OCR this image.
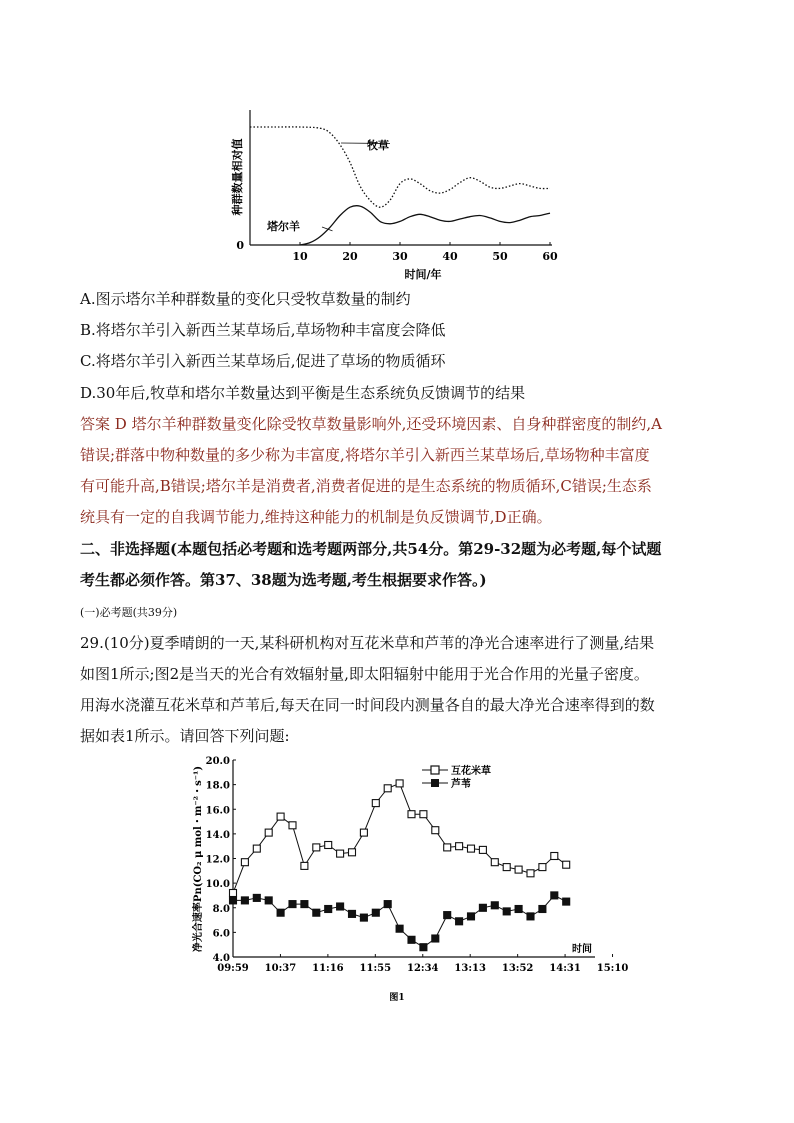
0
10	20	30	40	50	60
种群数量相对值
时间/年
牧草
塔尔羊
A.图示塔尔羊种群数量的变化只受牧草数量的制约
B.将塔尔羊引入新西兰某草场后,草场物种丰富度会降低
C.将塔尔羊引入新西兰某草场后,促进了草场的物质循环
D.30年后,牧草和塔尔羊数量达到平衡是生态系统负反馈调节的结果
答案 D 塔尔羊种群数量变化除受牧草数量影响外,还受环境因素、自身种群密度的制约,A
错误;群落中物种数量的多少称为丰富度,将塔尔羊引入新西兰某草场后,草场物种丰富度
有可能升高,B错误;塔尔羊是消费者,消费者促进的是生态系统的物质循环,C错误;生态系
统具有一定的自我调节能力,维持这种能力的机制是负反馈调节,D正确。
二、非选择题(本题包括必考题和选考题两部分,共54分。第29-32题为必考题,每个试题
考生都必须作答。第37、38题为选考题,考生根据要求作答。)
(一)必考题(共39分)
29.(10分)夏季晴朗的一天,某科研机构对互花米草和芦苇的净光合速率进行了测量,结果
如图1所示;图2是当天的光合有效辐射量,即太阳辐射中能用于光合作用的光量子密度。
用海水浇灌互花米草和芦苇后,每天在同一时间段内测量各自的最大净光合速率得到的数
据如表1所示。请回答下列问题:
4.0
6.0
8.0
10.0
12.0
14.0
16.0
18.0
20.0
09:59 10:37 11:16 11:55 12:34 13:13 13:52 14:31 15:10
净光合速率Pn(CO₂ μ mol・m⁻²・s⁻¹)	时间
图1
互花米草
芦苇
